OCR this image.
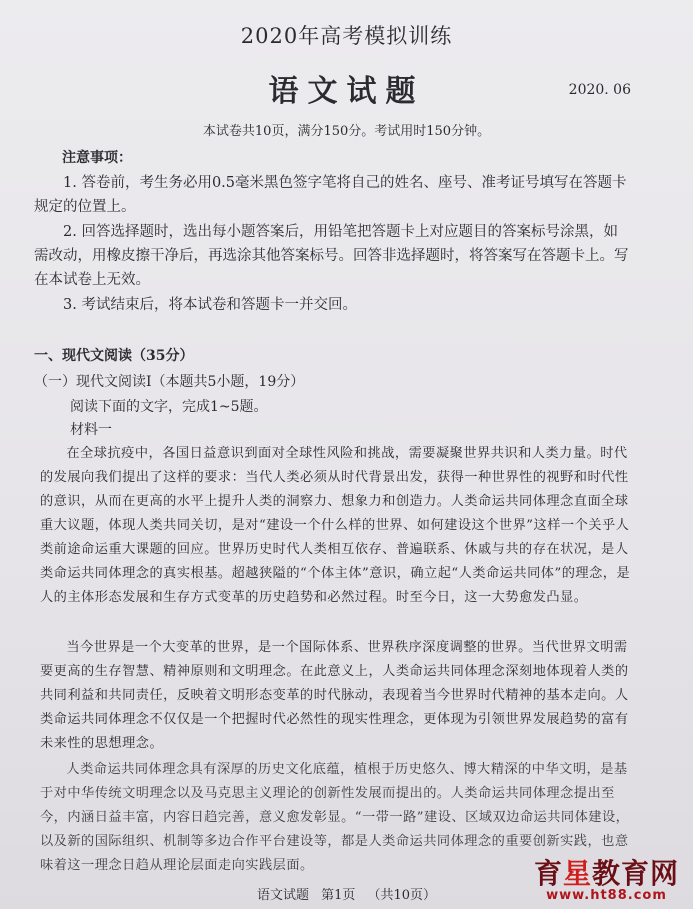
2020年高考模拟训练
语文试题	2020. 06
本试卷共10页，满分150分。考试用时150分钟。
注意事项：
1. 答卷前，考生务必用0.5毫米黑色签字笔将自己的姓名、座号、准考证号填写在答题卡规定的位置上。
2. 回答选择题时，选出每小题答案后，用铅笔把答题卡上对应题目的答案标号涂黑，如需改动，用橡皮擦干净后，再选涂其他答案标号。回答非选择题时，将答案写在答题卡上。写在本试卷上无效。
3. 考试结束后，将本试卷和答题卡一并交回。
一、现代文阅读（35分）
（一）现代文阅读Ⅰ（本题共5小题，19分）
阅读下面的文字，完成1~5题。
材料一
在全球抗疫中，各国日益意识到面对全球性风险和挑战，需要凝聚世界共识和人类力量。时代的发展向我们提出了这样的要求：当代人类必须从时代背景出发，获得一种世界性的视野和时代性的意识，从而在更高的水平上提升人类的洞察力、想象力和创造力。人类命运共同体理念直面全球重大议题，体现人类共同关切，是对“建设一个什么样的世界、如何建设这个世界”这样一个关乎人类前途命运重大课题的回应。世界历史时代人类相互依存、普遍联系、休戚与共的存在状况，是人类命运共同体理念的真实根基。超越狭隘的“个体主体”意识，确立起“人类命运共同体”的理念，是人的主体形态发展和生存方式变革的历史趋势和必然过程。时至今日，这一大势愈发凸显。
当今世界是一个大变革的世界，是一个国际体系、世界秩序深度调整的世界。当代世界文明需要更高的生存智慧、精神原则和文明理念。在此意义上，人类命运共同体理念深刻地体现着人类的共同利益和共同责任，反映着文明形态变革的时代脉动，表现着当今世界时代精神的基本走向。人类命运共同体理念不仅仅是一个把握时代必然性的现实性理念，更体现为引领世界发展趋势的富有未来性的思想理念。
人类命运共同体理念具有深厚的历史文化底蕴，植根于历史悠久、博大精深的中华文明，是基于对中华传统文明理念以及马克思主义理论的创新性发展而提出的。人类命运共同体理念提出至今，内涵日益丰富，内容日趋完善，意义愈发彰显。“一带一路”建设、区域双边命运共同体建设，以及新的国际组织、机制等多边合作平台建设等，都是人类命运共同体理念的重要创新实践，也意味着这一理念日趋从理论层面走向实践层面。
语文试题 第1页 （共10页）
育星教育网
www.ht88.com
